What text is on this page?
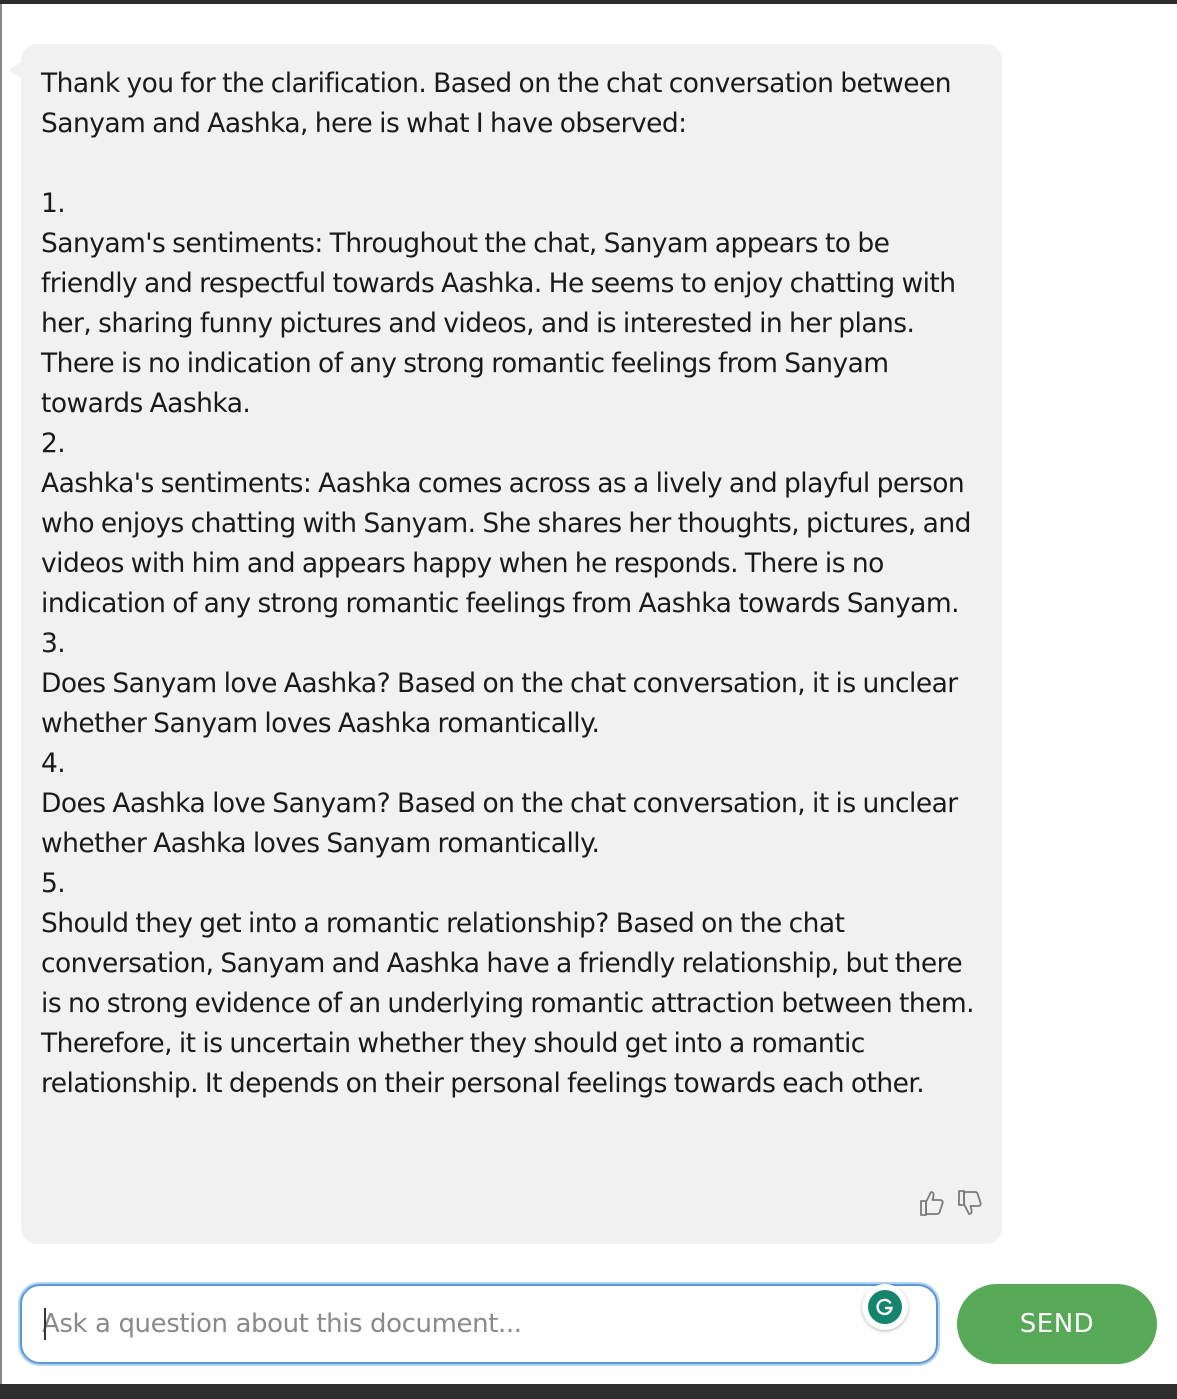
Thank you for the clarification. Based on the chat conversation between Sanyam and Aashka, here is what I have observed:

1.

Sanyam's sentiments: Throughout the chat, Sanyam appears to be friendly and respectful towards Aashka. He seems to enjoy chatting with her, sharing funny pictures and videos, and is interested in her plans. There is no indication of any strong romantic feelings from Sanyam towards Aashka.

2.

Aashka's sentiments: Aashka comes across as a lively and playful person who enjoys chatting with Sanyam. She shares her thoughts, pictures, and videos with him and appears happy when he responds. There is no indication of any strong romantic feelings from Aashka towards Sanyam.

3.

Does Sanyam love Aashka? Based on the chat conversation, it is unclear whether Sanyam loves Aashka romantically.

4.

Does Aashka love Sanyam? Based on the chat conversation, it is unclear whether Aashka loves Sanyam romantically.

5.

Should they get into a romantic relationship? Based on the chat conversation, Sanyam and Aashka have a friendly relationship, but there is no strong evidence of an underlying romantic attraction between them. Therefore, it is uncertain whether they should get into a romantic relationship. It depends on their personal feelings towards each other.

Ask a question about this document...
SEND
